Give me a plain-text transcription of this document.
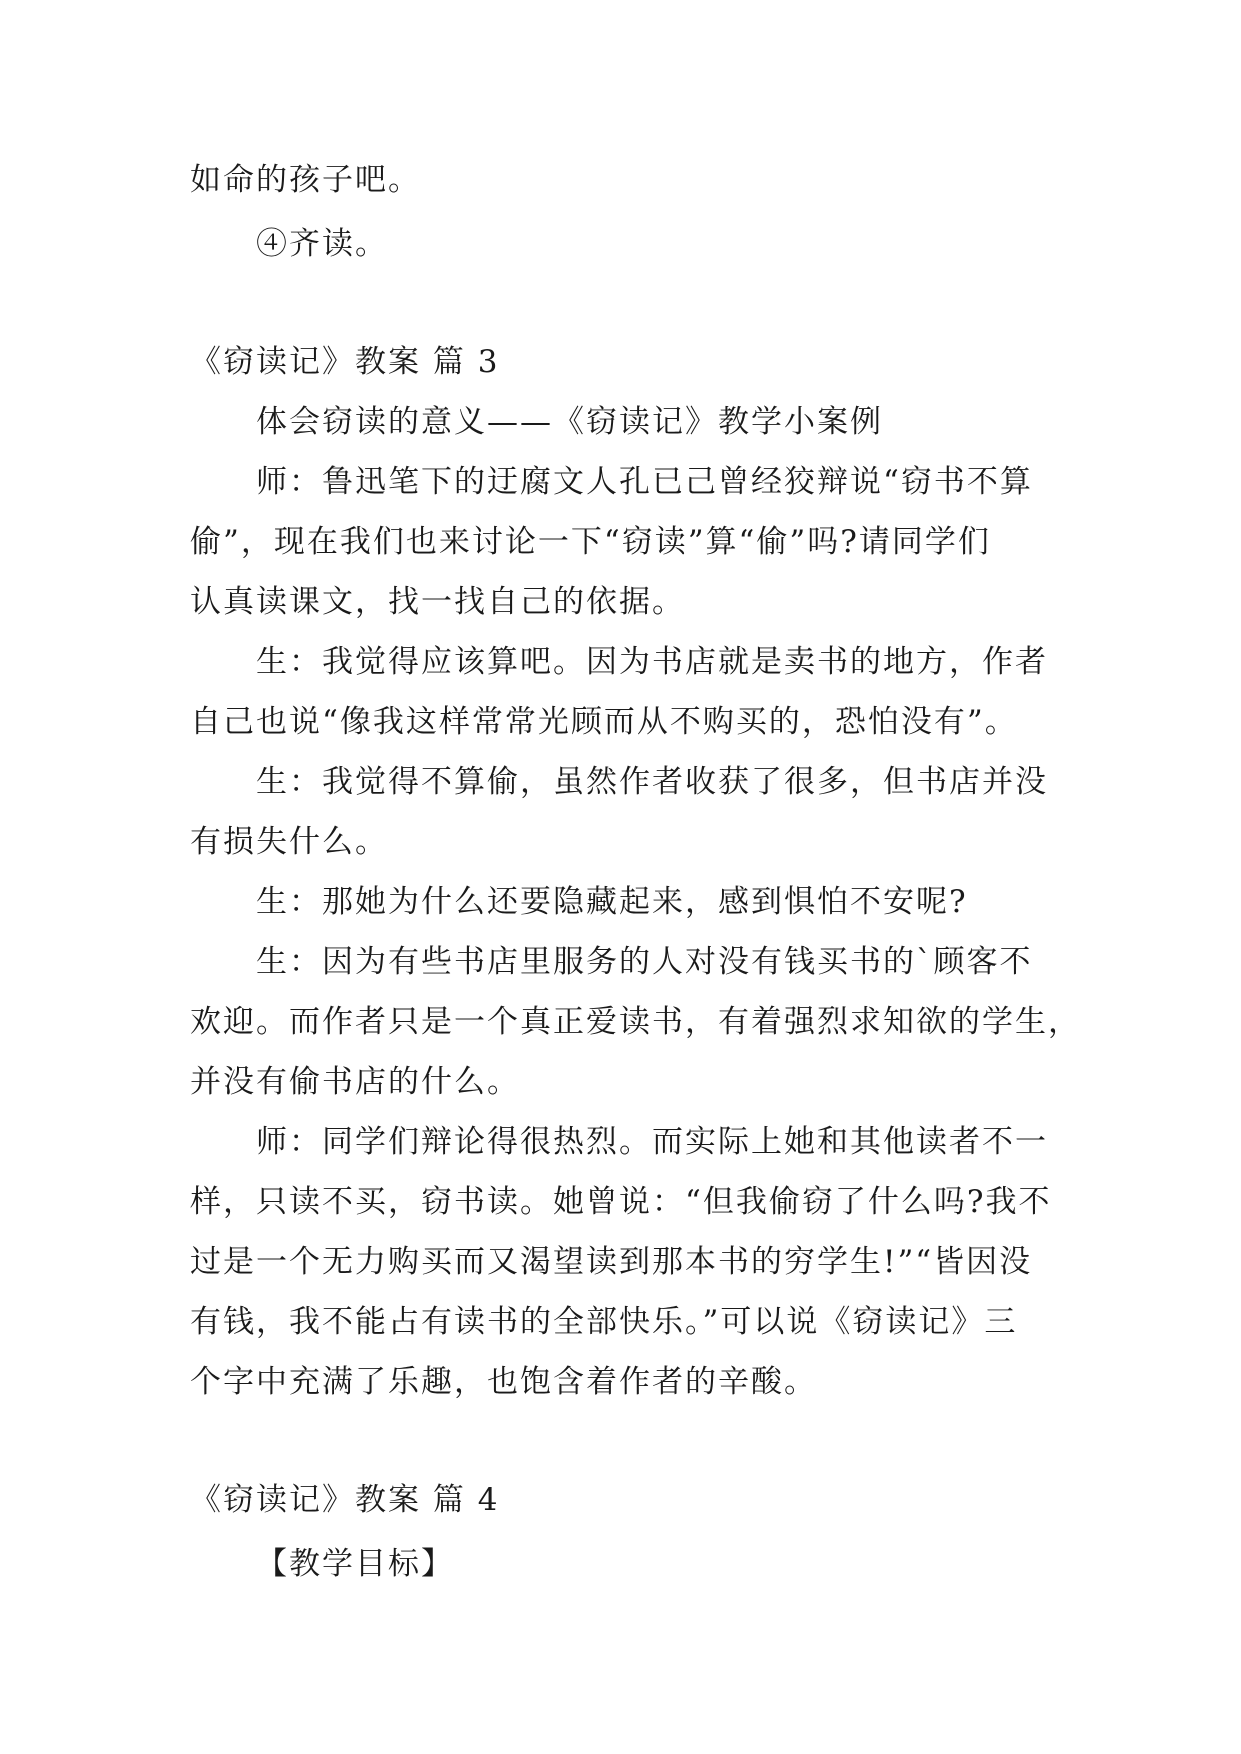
如命的孩子吧。

④齐读。

《窃读记》教案 篇 3

体会窃读的意义——《窃读记》教学小案例

师：鲁迅笔下的迂腐文人孔已己曾经狡辩说“窃书不算

偷”，现在我们也来讨论一下“窃读”算“偷”吗?请同学们

认真读课文，找一找自己的依据。

生：我觉得应该算吧。因为书店就是卖书的地方，作者

自己也说“像我这样常常光顾而从不购买的，恐怕没有”。

生：我觉得不算偷，虽然作者收获了很多，但书店并没

有损失什么。

生：那她为什么还要隐藏起来，感到惧怕不安呢?

生：因为有些书店里服务的人对没有钱买书的`顾客不

欢迎。而作者只是一个真正爱读书，有着强烈求知欲的学生，

并没有偷书店的什么。

师：同学们辩论得很热烈。而实际上她和其他读者不一

样，只读不买，窃书读。她曾说：“但我偷窃了什么吗?我不

过是一个无力购买而又渴望读到那本书的穷学生!”“皆因没

有钱，我不能占有读书的全部快乐。”可以说《窃读记》三

个字中充满了乐趣，也饱含着作者的辛酸。

《窃读记》教案 篇 4

【教学目标】
